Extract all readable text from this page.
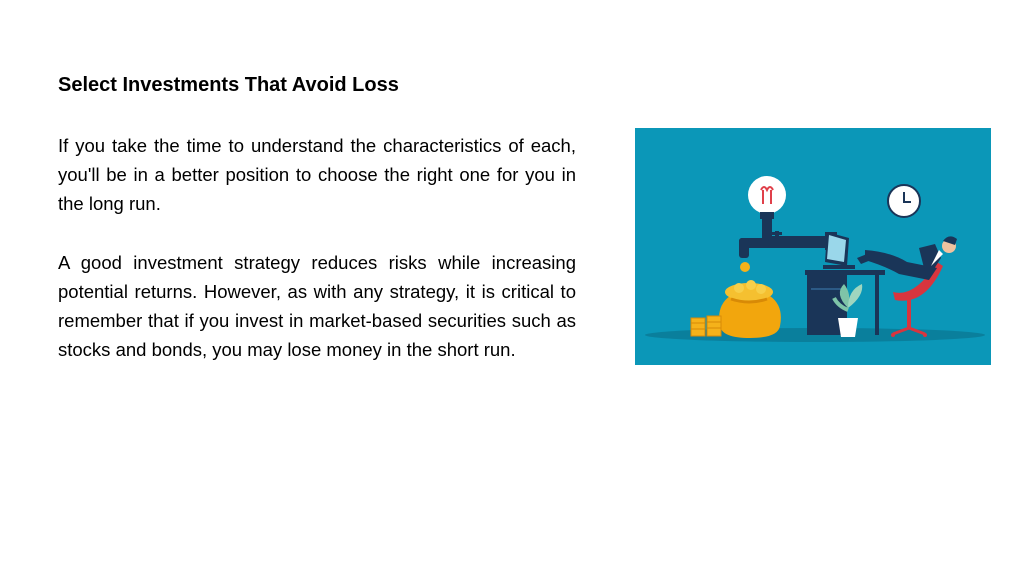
Select Investments That Avoid Loss

If you take the time to understand the characteristics of each, you'll be in a better position to choose the right one for you in the long run.

A good investment strategy reduces risks while increasing potential returns. However, as with any strategy, it is critical to remember that if you invest in market-based securities such as stocks and bonds, you may lose money in the short run.
